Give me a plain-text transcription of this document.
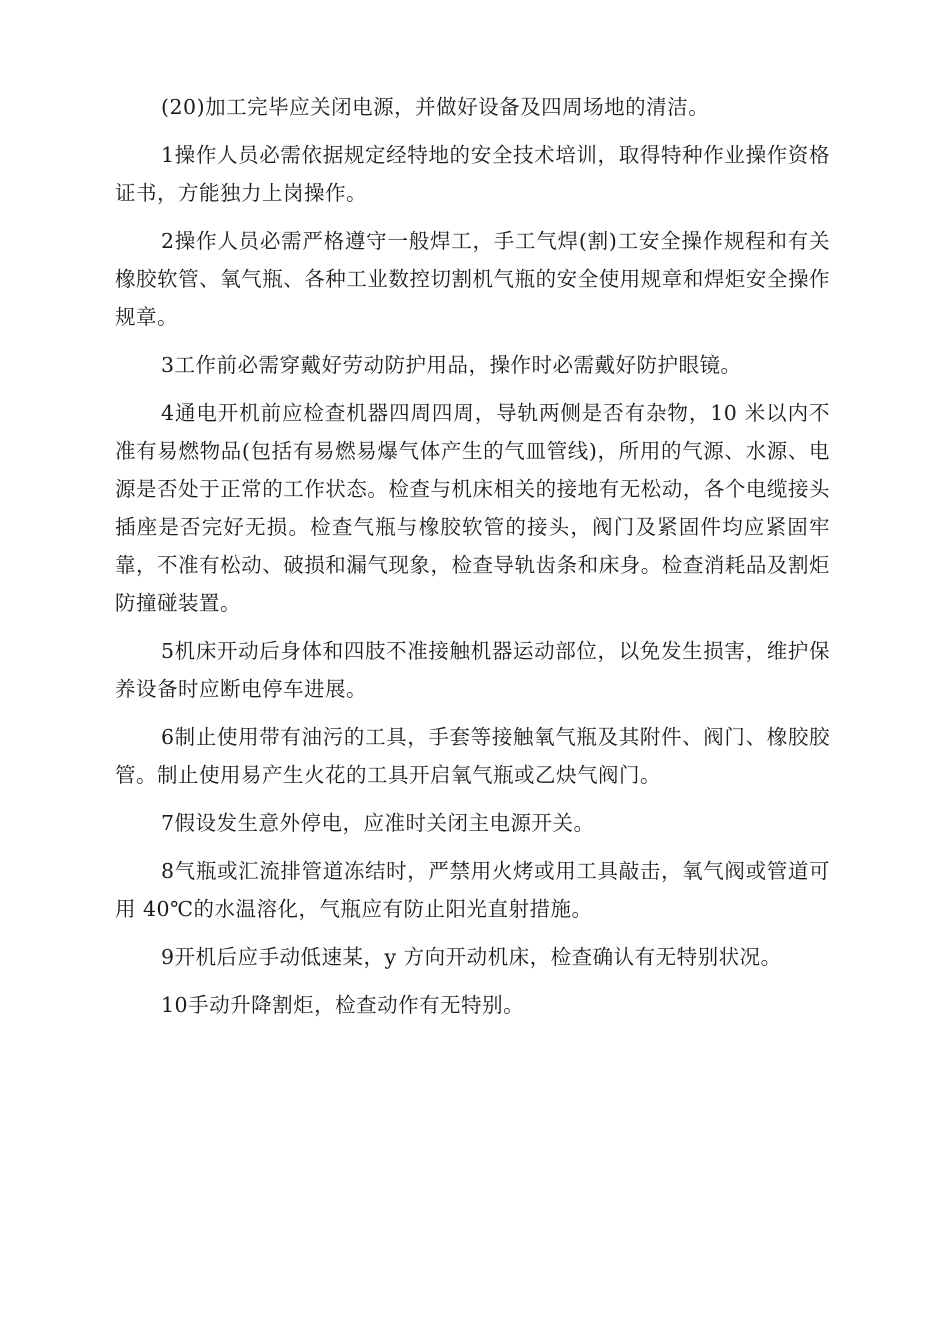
(20)加工完毕应关闭电源，并做好设备及四周场地的清洁。

1操作人员必需依据规定经特地的安全技术培训，取得特种作业操作资格证书，方能独力上岗操作。

2操作人员必需严格遵守一般焊工，手工气焊(割)工安全操作规程和有关橡胶软管、氧气瓶、各种工业数控切割机气瓶的安全使用规章和焊炬安全操作规章。

3工作前必需穿戴好劳动防护用品，操作时必需戴好防护眼镜。

4通电开机前应检查机器四周四周，导轨两侧是否有杂物，10 米以内不准有易燃物品(包括有易燃易爆气体产生的气皿管线)，所用的气源、水源、电源是否处于正常的工作状态。检查与机床相关的接地有无松动，各个电缆接头插座是否完好无损。检查气瓶与橡胶软管的接头，阀门及紧固件均应紧固牢靠，不准有松动、破损和漏气现象，检查导轨齿条和床身。检查消耗品及割炬防撞碰装置。

5机床开动后身体和四肢不准接触机器运动部位，以免发生损害，维护保养设备时应断电停车进展。

6制止使用带有油污的工具，手套等接触氧气瓶及其附件、阀门、橡胶胶管。制止使用易产生火花的工具开启氧气瓶或乙炔气阀门。

7假设发生意外停电，应准时关闭主电源开关。

8气瓶或汇流排管道冻结时，严禁用火烤或用工具敲击，氧气阀或管道可用 40℃的水温溶化，气瓶应有防止阳光直射措施。

9开机后应手动低速某，y 方向开动机床，检查确认有无特别状况。

10手动升降割炬，检查动作有无特别。
